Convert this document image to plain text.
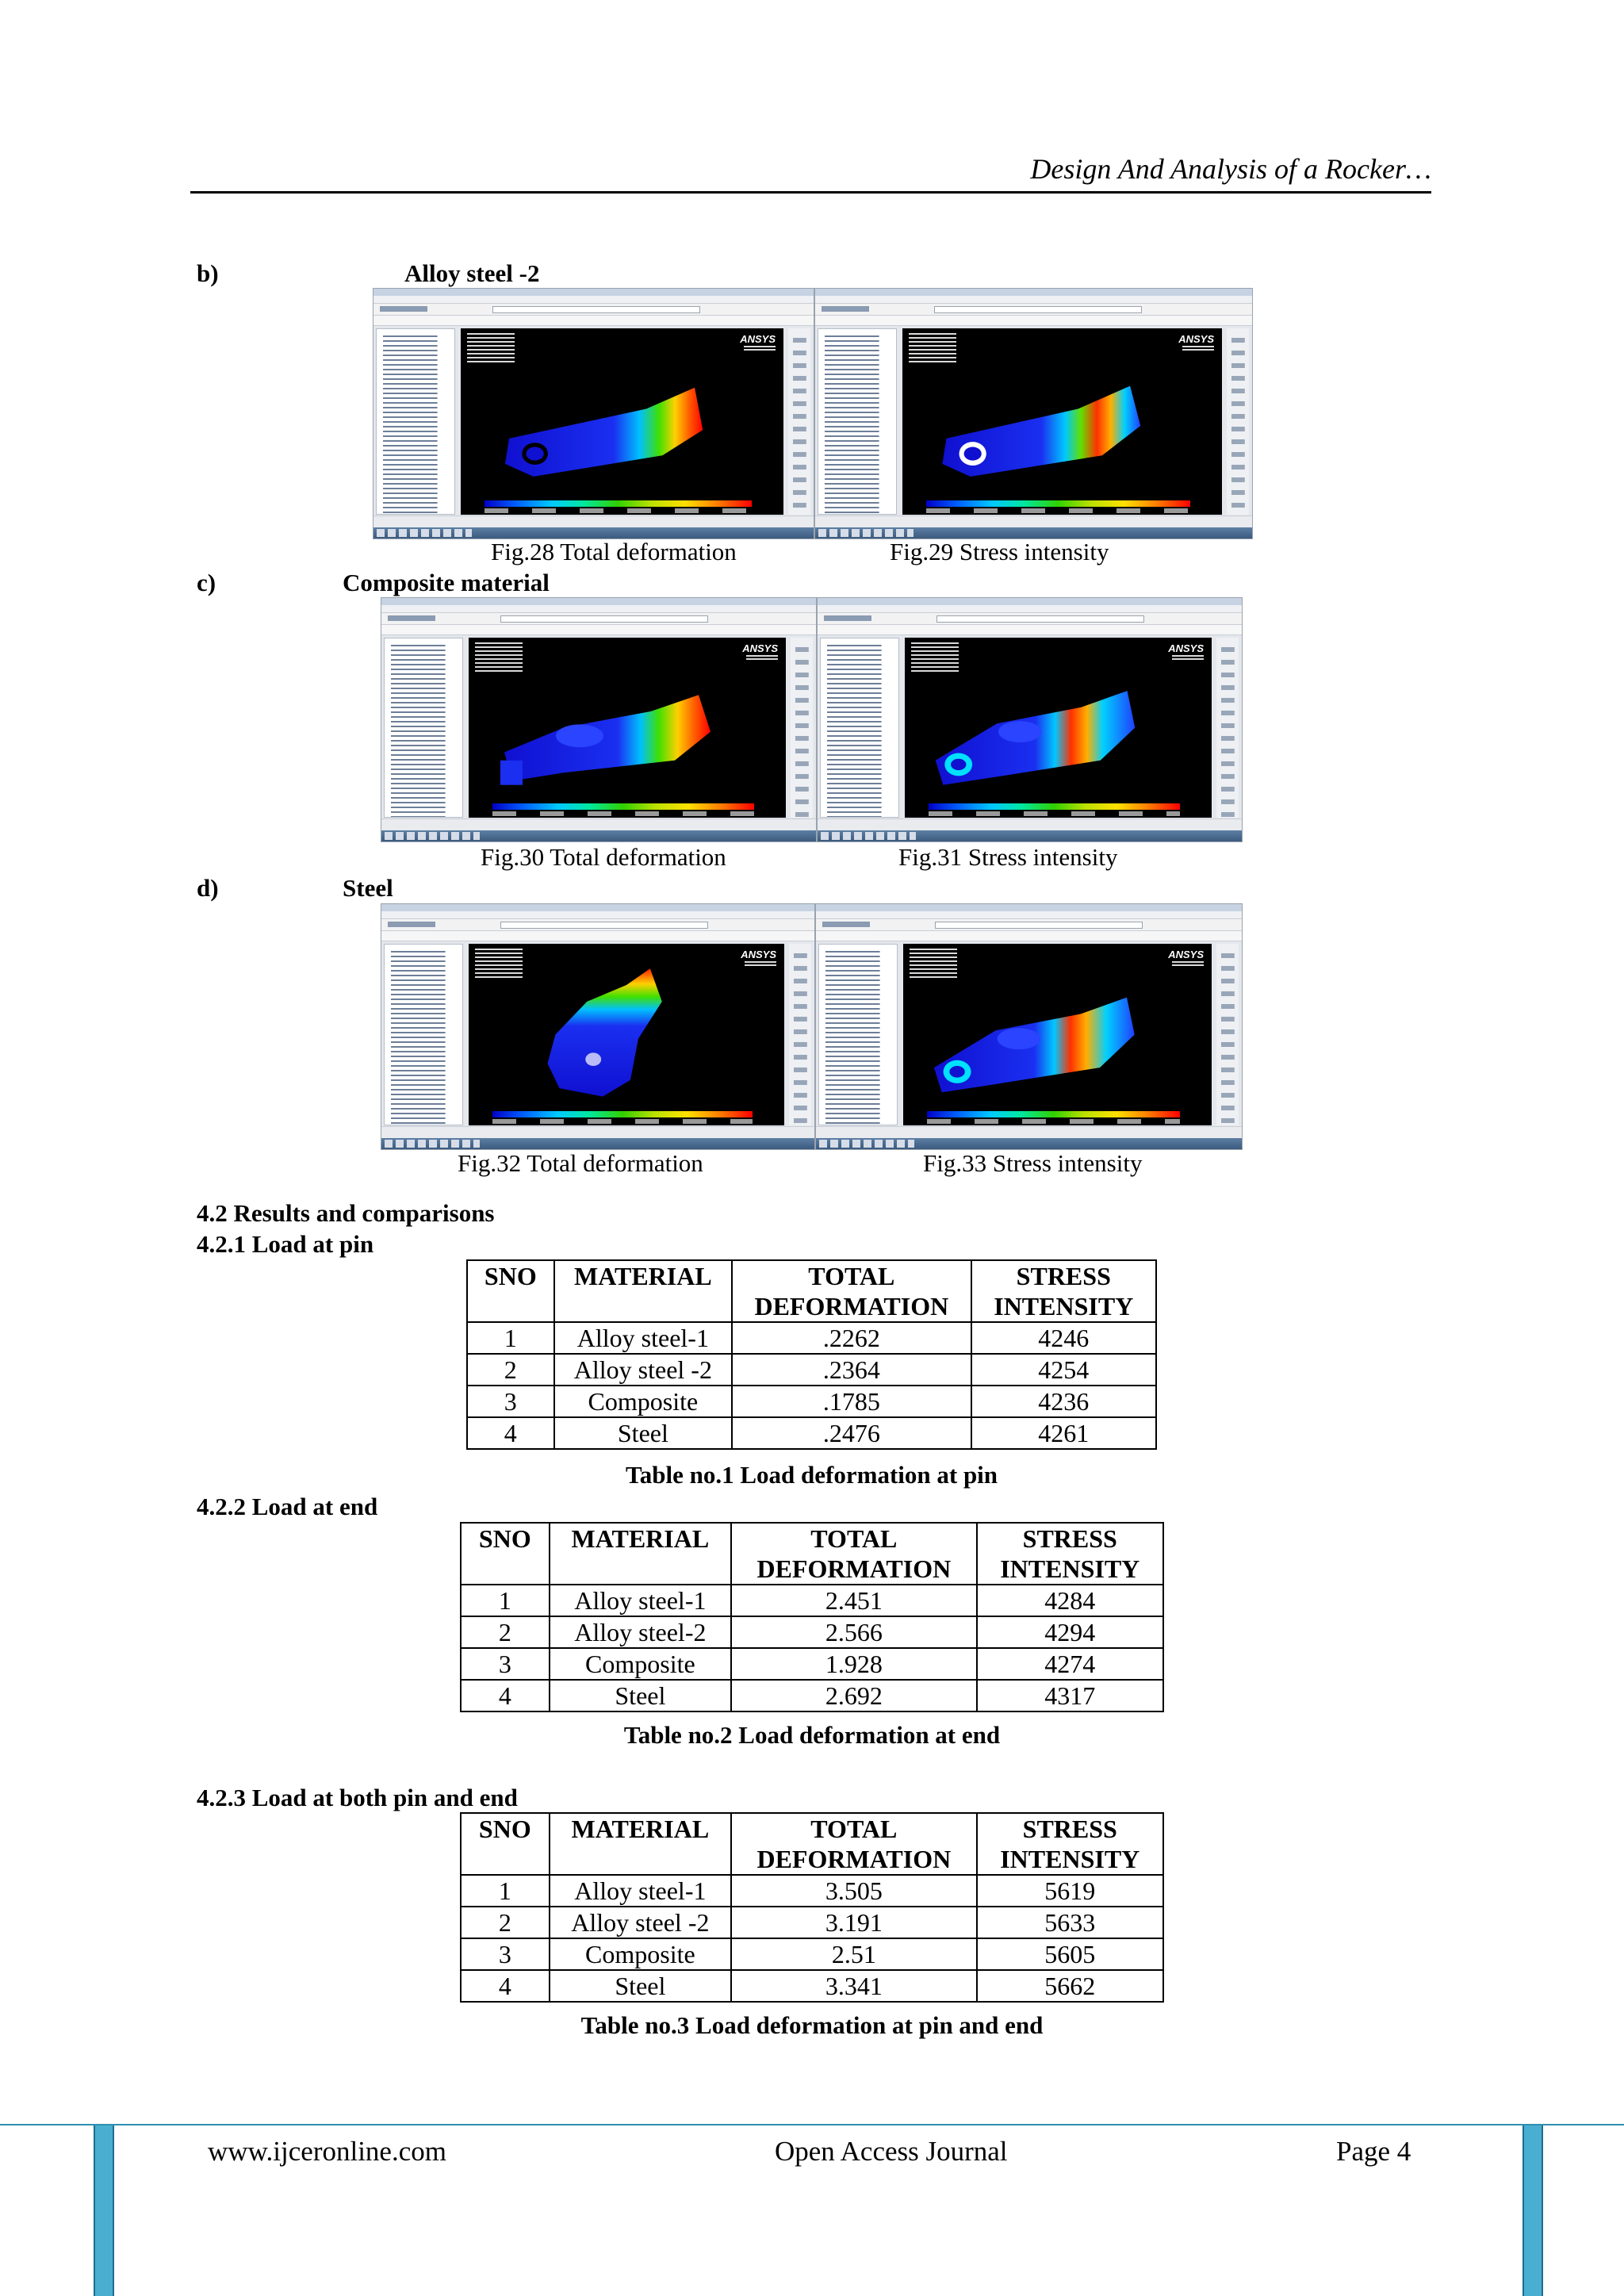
Design And Analysis of a Rocker…
b)	Alloy steel -2
ANSYS	ANSYS
Fig.28 Total deformation	Fig.29 Stress intensity
c)	Composite material
ANSYS	ANSYS
Fig.30 Total deformation	Fig.31 Stress intensity
d)	Steel
ANSYS	ANSYS
Fig.32 Total deformation	Fig.33 Stress intensity
4.2 Results and comparisons
4.2.1 Load at pin
SNO	MATERIAL	TOTAL DEFORMATION	STRESS INTENSITY
1	Alloy steel-1	.2262	4246
2	Alloy steel -2	.2364	4254
3	Composite	.1785	4236
4	Steel	.2476	4261
Table no.1 Load deformation at pin
4.2.2 Load at end
SNO	MATERIAL	TOTAL DEFORMATION	STRESS INTENSITY
1	Alloy steel-1	2.451	4284
2	Alloy steel-2	2.566	4294
3	Composite	1.928	4274
4	Steel	2.692	4317
Table no.2 Load deformation at end
4.2.3 Load at both pin and end
SNO	MATERIAL	TOTAL DEFORMATION	STRESS INTENSITY
1	Alloy steel-1	3.505	5619
2	Alloy steel -2	3.191	5633
3	Composite	2.51	5605
4	Steel	3.341	5662
Table no.3 Load deformation at pin and end
www.ijceronline.com	Open Access Journal	Page 4
